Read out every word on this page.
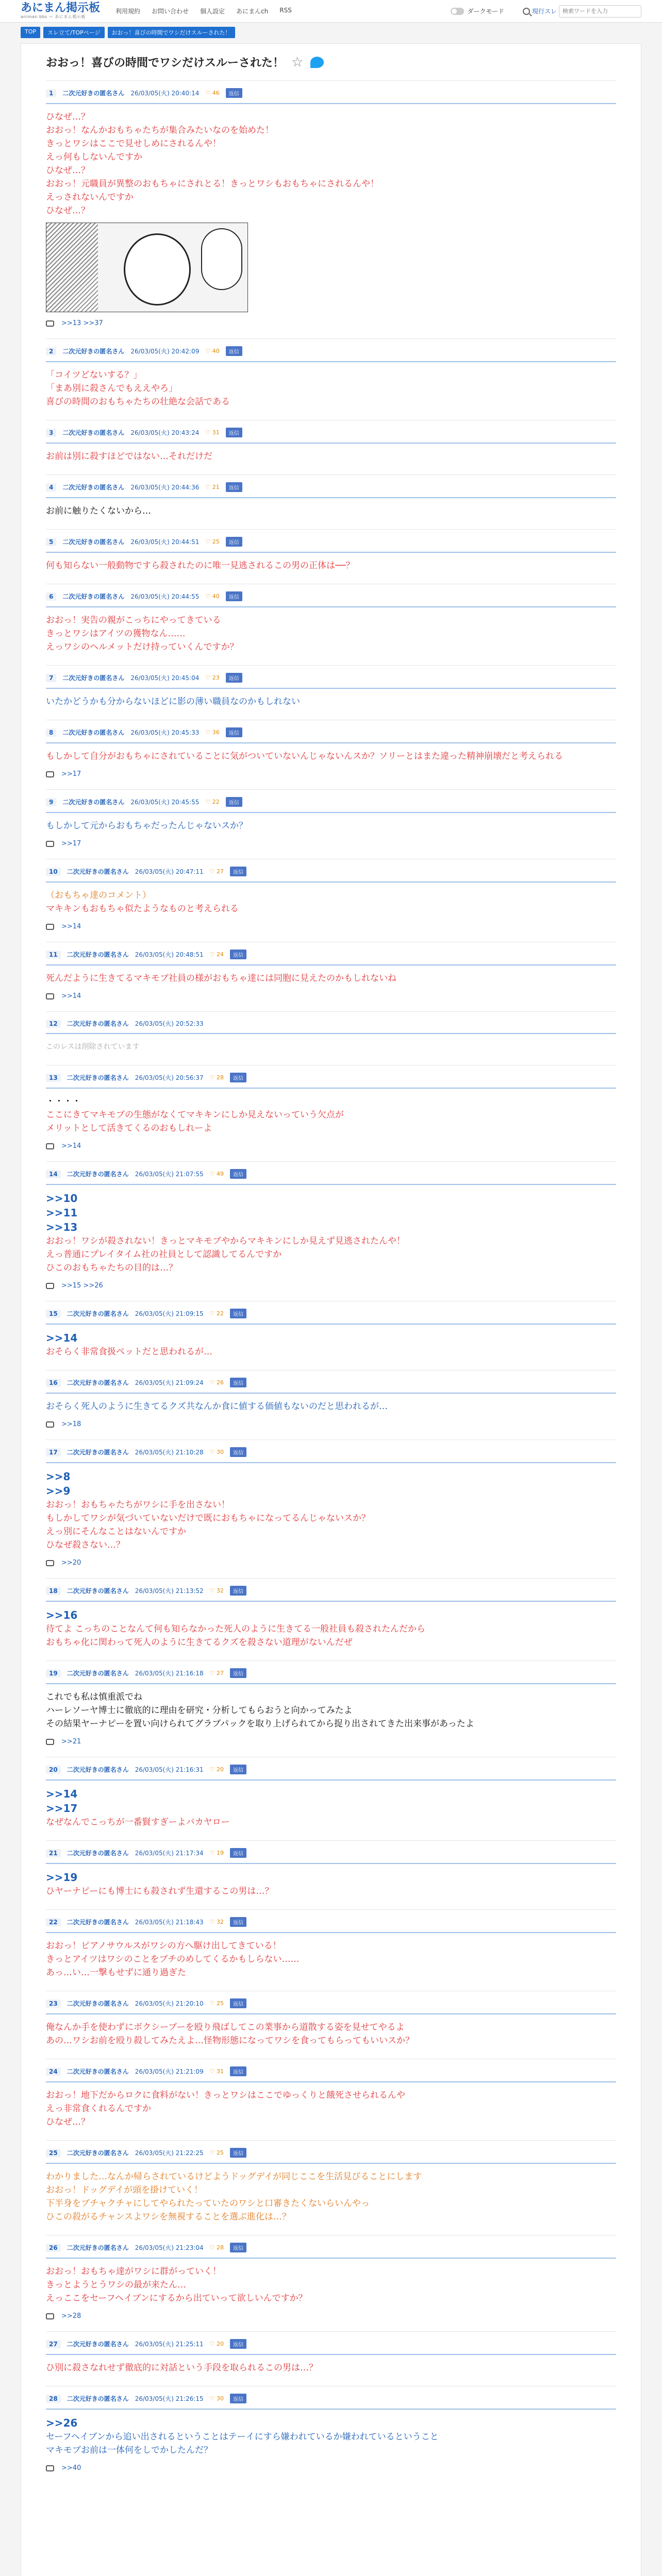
あにまん掲示板
animan bbs — あにまん掲示板
利用規約 お問い合わせ 個人設定 あにまんch RSS	ダークモード	現行スレ
検索ワードを入力
TOP	スレ立て/TOPページ	おおっ！喜びの時間でワシだけスルーされた！
おおっ！喜びの時間でワシだけスルーされた！ ☆
1	二次元好きの匿名さん 26/03/05(火) 20:40:14 ♡ 46	返信
ひなぜ…？
おおっ！なんかおもちゃたちが集合みたいなのを始めた！
きっとワシはここで見せしめにされるんや！
えっ何もしないんですか
ひなぜ…？
おおっ！元職員が異整のおもちゃにされとる！きっとワシもおもちゃにされるんや！
えっされないんですか
ひなぜ…？
>>13 >>37
2	二次元好きの匿名さん 26/03/05(火) 20:42:09 ♡ 40	返信
「コイツどないする？」
「まあ別に殺さんでもええやろ」
喜びの時間のおもちゃたちの壮絶な会話である
3	二次元好きの匿名さん 26/03/05(火) 20:43:24 ♡ 31	返信
お前は別に殺すほどではない…それだけだ
4	二次元好きの匿名さん 26/03/05(火) 20:44:36 ♡ 21	返信
お前に触りたくないから…
5	二次元好きの匿名さん 26/03/05(火) 20:44:51 ♡ 25	返信
何も知らない一般動物ですら殺されたのに唯一見逃されるこの男の正体は──？
6	二次元好きの匿名さん 26/03/05(火) 20:44:55 ♡ 40	返信
おおっ！実告の親がこっちにやってきている
きっとワシはアイツの獲物なん……
えっワシのヘルメットだけ持っていくんですか？
7	二次元好きの匿名さん 26/03/05(火) 20:45:04 ♡ 23	返信
いたかどうかも分からないほどに影の薄い職員なのかもしれない
8	二次元好きの匿名さん 26/03/05(火) 20:45:33 ♡ 36	返信
もしかして自分がおもちゃにされていることに気がついていないんじゃないんスか？ソリーとはまた違った精神崩壊だと考えられる
>>17
9	二次元好きの匿名さん 26/03/05(火) 20:45:55 ♡ 22	返信
もしかして元からおもちゃだったんじゃないスか？
>>17
10	二次元好きの匿名さん 26/03/05(火) 20:47:11 ♡ 27	返信
（おもちゃ達のコメント）
マキキンもおもちゃ似たようなものと考えられる
>>14
11	二次元好きの匿名さん 26/03/05(火) 20:48:51 ♡ 24	返信
死んだように生きてるマキモブ社員の様がおもちゃ達には同胞に見えたのかもしれないね
>>14
12	二次元好きの匿名さん 26/03/05(火) 20:52:33
このレスは削除されています
13	二次元好きの匿名さん 26/03/05(火) 20:56:37 ♡ 28	返信
・・・・
ここにきてマキモブの生態がなくてマキキンにしか見えないっていう欠点が
メリットとして活きてくるのおもしれーよ
>>14
14	二次元好きの匿名さん 26/03/05(火) 21:07:55 ♡ 49	返信
>>10
>>11
>>13
おおっ！ワシが殺されない！きっとマキモブやからマキキンにしか見えず見逃されたんや！
えっ普通にプレイタイム社の社員として認識してるんですか
ひこのおもちゃたちの目的は…？
>>15 >>26
15	二次元好きの匿名さん 26/03/05(火) 21:09:15 ♡ 22	返信
>>14
おそらく非常食扱ペットだと思われるが…
16	二次元好きの匿名さん 26/03/05(火) 21:09:24 ♡ 26	返信
おそらく死人のように生きてるクズ共なんか食に値する価値もないのだと思われるが…
>>18
17	二次元好きの匿名さん 26/03/05(火) 21:10:28 ♡ 30	返信
>>8
>>9
おおっ！おもちゃたちがワシに手を出さない！
もしかしてワシが気づいていないだけで既におもちゃになってるんじゃないスか？
えっ別にそんなことはないんですか
ひなぜ殺さない…？
>>20
18	二次元好きの匿名さん 26/03/05(火) 21:13:52 ♡ 32	返信
>>16
待てよ こっちのことなんて何も知らなかった死人のように生きてる一般社員も殺されたんだから
おもちゃ化に関わって死人のように生きてるクズを殺さない道理がないんだぜ
19	二次元好きの匿名さん 26/03/05(火) 21:16:18 ♡ 27	返信
これでも私は慎重派でね
ハーレソーヤ博士に徹底的に理由を研究・分析してもらおうと向かってみたよ
その結果ヤーナピーを置い向けられてグラブパックを取り上げられてから捉り出されてきた出来事があったよ
>>21
20	二次元好きの匿名さん 26/03/05(火) 21:16:31 ♡ 20	返信
>>14
>>17
なぜなんでこっちが一番賢すぎーよバカヤロー
21	二次元好きの匿名さん 26/03/05(火) 21:17:34 ♡ 19	返信
>>19
ひヤーナピーにも博士にも殺されず生還するこの男は…？
22	二次元好きの匿名さん 26/03/05(火) 21:18:43 ♡ 32	返信
おおっ！ピアノサウルスがワシの方へ駆け出してきている！
きっとアイツはワシのことをブチのめしてくるかもしらない……
あっ…い…一撃もせずに通り過ぎた
23	二次元好きの匿名さん 26/03/05(火) 21:20:10 ♡ 25	返信
俺なんか手を使わずにボクシーブーを殴り飛ばしてこの業事から道散する姿を見せてやるよ
あの…ワシお前を殴り殺してみたえよ…怪物形態になってワシを食ってもらってもいいスか？
24	二次元好きの匿名さん 26/03/05(火) 21:21:09 ♡ 31	返信
おおっ！地下だからロクに食料がない！きっとワシはここでゆっくりと餓死させられるんや
えっ非常食くれるんですか
ひなぜ…？
25	二次元好きの匿名さん 26/03/05(火) 21:22:25 ♡ 25	返信
わかりました…なんか帰らされているけどようドッグデイが同じここを生活見びることにします
おおっ！ドッグデイが頭を掛けていく！
下半身をブチャクチャにしてやられたっていたのワシと口審きたくないらいんやっ
ひこの殺がるチャンスよワシを無視することを選ぶ進化は…？
26	二次元好きの匿名さん 26/03/05(火) 21:23:04 ♡ 28	返信
おおっ！おもちゃ達がワシに群がっていく！
きっとようとうワシの最が来たん…
えっここをセーフヘイブンにするから出ていって欲しいんですか？
>>28
27	二次元好きの匿名さん 26/03/05(火) 21:25:11 ♡ 20	返信
ひ別に殺さなれせず徹底的に対話という手段を取られるこの男は…？
28	二次元好きの匿名さん 26/03/05(火) 21:26:15 ♡ 30	返信
>>26
セーフヘイブンから追い出されるということはテーイにすら嫌われているか嫌われているということ
マキモブお前は一体何をしでかしたんだ？
>>40
